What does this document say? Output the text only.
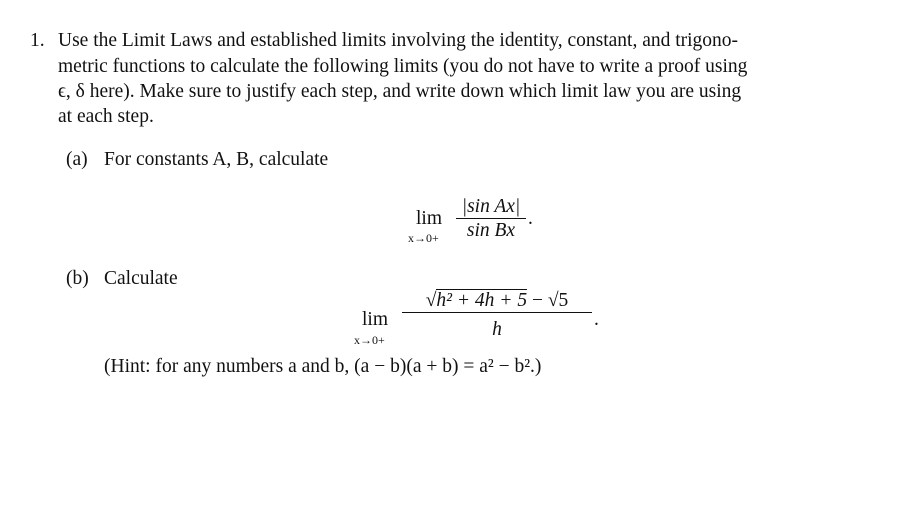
1. Use the Limit Laws and established limits involving the identity, constant, and trigono-
metric functions to calculate the following limits (you do not have to write a proof using
ϵ, δ here). Make sure to justify each step, and write down which limit law you are using
at each step.
(a) For constants A, B, calculate
lim
$x\to 0+ \frac{\text{|sin Ax|}}{\text{sin Bx}}$ .
(b) Calculate
lim
$x\to 0+ \frac{\text{√h² + 4h + 5 − √5}}{h}$ .
(Hint: for any numbers a and b, (a − b)(a + b) = a² − b².)
